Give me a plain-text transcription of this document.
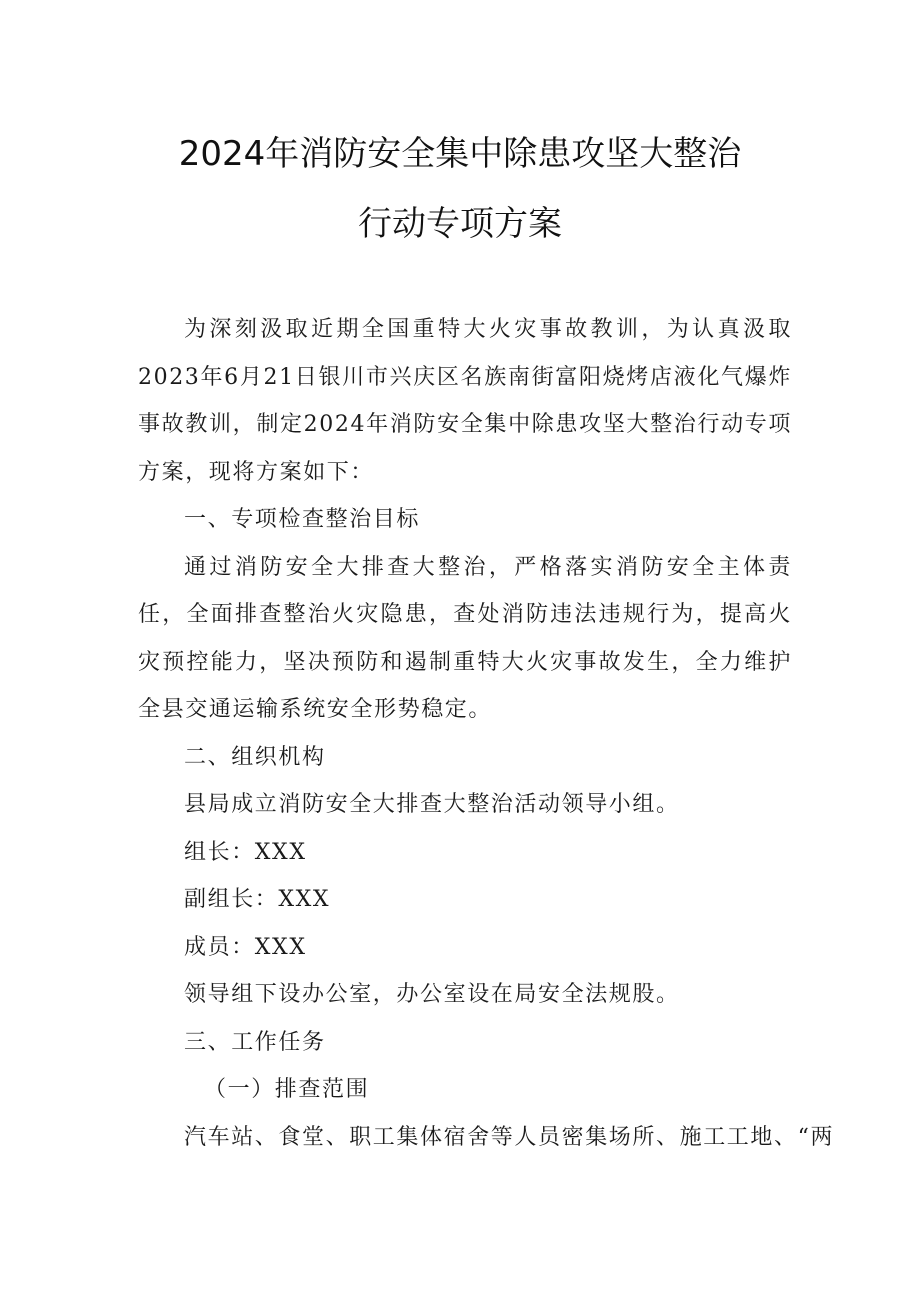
2024年消防安全集中除患攻坚大整治
行动专项方案

为深刻汲取近期全国重特大火灾事故教训，为认真汲取2023年6月21日银川市兴庆区名族南街富阳烧烤店液化气爆炸事故教训，制定2024年消防安全集中除患攻坚大整治行动专项方案，现将方案如下：

一、专项检查整治目标

通过消防安全大排查大整治，严格落实消防安全主体责任，全面排查整治火灾隐患，查处消防违法违规行为，提高火灾预控能力，坚决预防和遏制重特大火灾事故发生，全力维护全县交通运输系统安全形势稳定。

二、组织机构

县局成立消防安全大排查大整治活动领导小组。

组长：XXX

副组长：XXX

成员：XXX

领导组下设办公室，办公室设在局安全法规股。

三、工作任务

（一）排查范围

汽车站、食堂、职工集体宿舍等人员密集场所、施工工地、“两
